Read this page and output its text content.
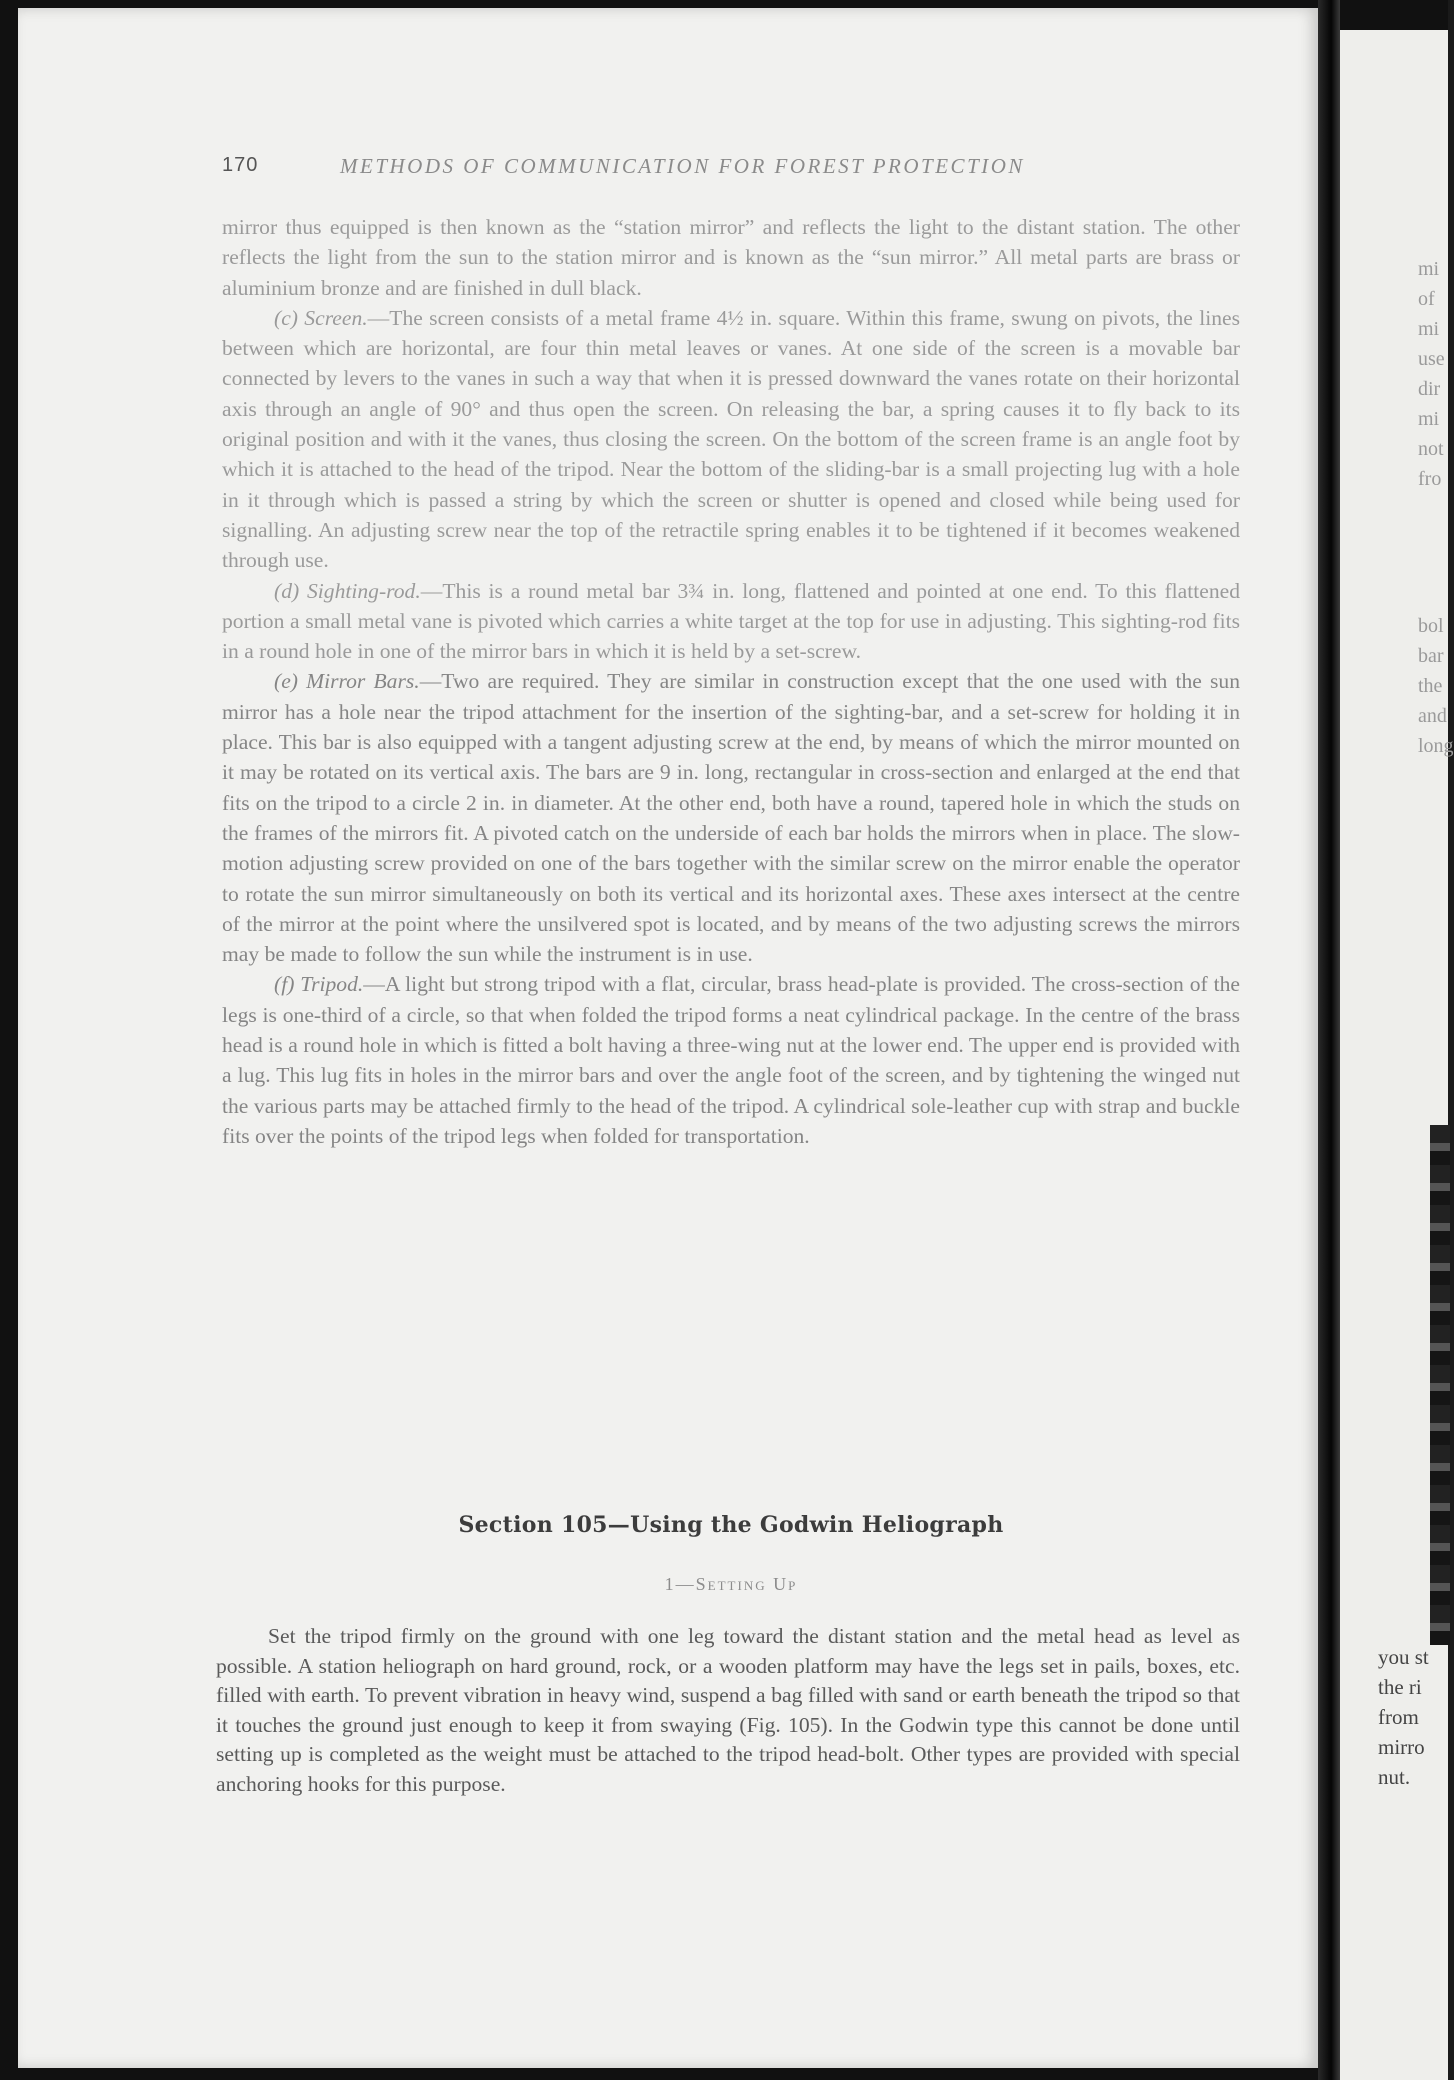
170	METHODS OF COMMUNICATION FOR FOREST PROTECTION

mirror thus equipped is then known as the “station mirror” and reflects the light to the distant station. The other reflects the light from the sun to the station mirror and is known as the “sun mirror.” All metal parts are brass or aluminium bronze and are finished in dull black.

(c) Screen.—The screen consists of a metal frame 4½ in. square. Within this frame, swung on pivots, the lines between which are horizontal, are four thin metal leaves or vanes. At one side of the screen is a movable bar connected by levers to the vanes in such a way that when it is pressed downward the vanes rotate on their horizontal axis through an angle of 90° and thus open the screen. On releasing the bar, a spring causes it to fly back to its original position and with it the vanes, thus closing the screen. On the bottom of the screen frame is an angle foot by which it is attached to the head of the tripod. Near the bottom of the sliding-bar is a small projecting lug with a hole in it through which is passed a string by which the screen or shutter is opened and closed while being used for signalling. An adjusting screw near the top of the retractile spring enables it to be tightened if it becomes weakened through use.

(d) Sighting-rod.—This is a round metal bar 3¾ in. long, flattened and pointed at one end. To this flattened portion a small metal vane is pivoted which carries a white target at the top for use in adjusting. This sighting-rod fits in a round hole in one of the mirror bars in which it is held by a set-screw.

(e) Mirror Bars.—Two are required. They are similar in construction except that the one used with the sun mirror has a hole near the tripod attachment for the insertion of the sighting-bar, and a set-screw for holding it in place. This bar is also equipped with a tangent adjusting screw at the end, by means of which the mirror mounted on it may be rotated on its vertical axis. The bars are 9 in. long, rectangular in cross-section and enlarged at the end that fits on the tripod to a circle 2 in. in diameter. At the other end, both have a round, tapered hole in which the studs on the frames of the mirrors fit. A pivoted catch on the underside of each bar holds the mirrors when in place. The slow-motion adjusting screw provided on one of the bars together with the similar screw on the mirror enable the operator to rotate the sun mirror simultaneously on both its vertical and its horizontal axes. These axes intersect at the centre of the mirror at the point where the unsilvered spot is located, and by means of the two adjusting screws the mirrors may be made to follow the sun while the instrument is in use.

(f) Tripod.—A light but strong tripod with a flat, circular, brass head-plate is provided. The cross-section of the legs is one-third of a circle, so that when folded the tripod forms a neat cylindrical package. In the centre of the brass head is a round hole in which is fitted a bolt having a three-wing nut at the lower end. The upper end is provided with a lug. This lug fits in holes in the mirror bars and over the angle foot of the screen, and by tightening the winged nut the various parts may be attached firmly to the head of the tripod. A cylindrical sole-leather cup with strap and buckle fits over the points of the tripod legs when folded for transportation.

Section 105—Using the Godwin Heliograph
1—Setting Up

Set the tripod firmly on the ground with one leg toward the distant station and the metal head as level as possible. A station heliograph on hard ground, rock, or a wooden platform may have the legs set in pails, boxes, etc. filled with earth. To prevent vibration in heavy wind, suspend a bag filled with sand or earth beneath the tripod so that it touches the ground just enough to keep it from swaying (Fig. 105). In the Godwin type this cannot be done until setting up is completed as the weight must be attached to the tripod head-bolt. Other types are provided with special anchoring hooks for this purpose.

mi
of
mi
use
dir
mi
not
fro
bol
bar
the
and
long
you st
the ri
from
mirro
nut.
